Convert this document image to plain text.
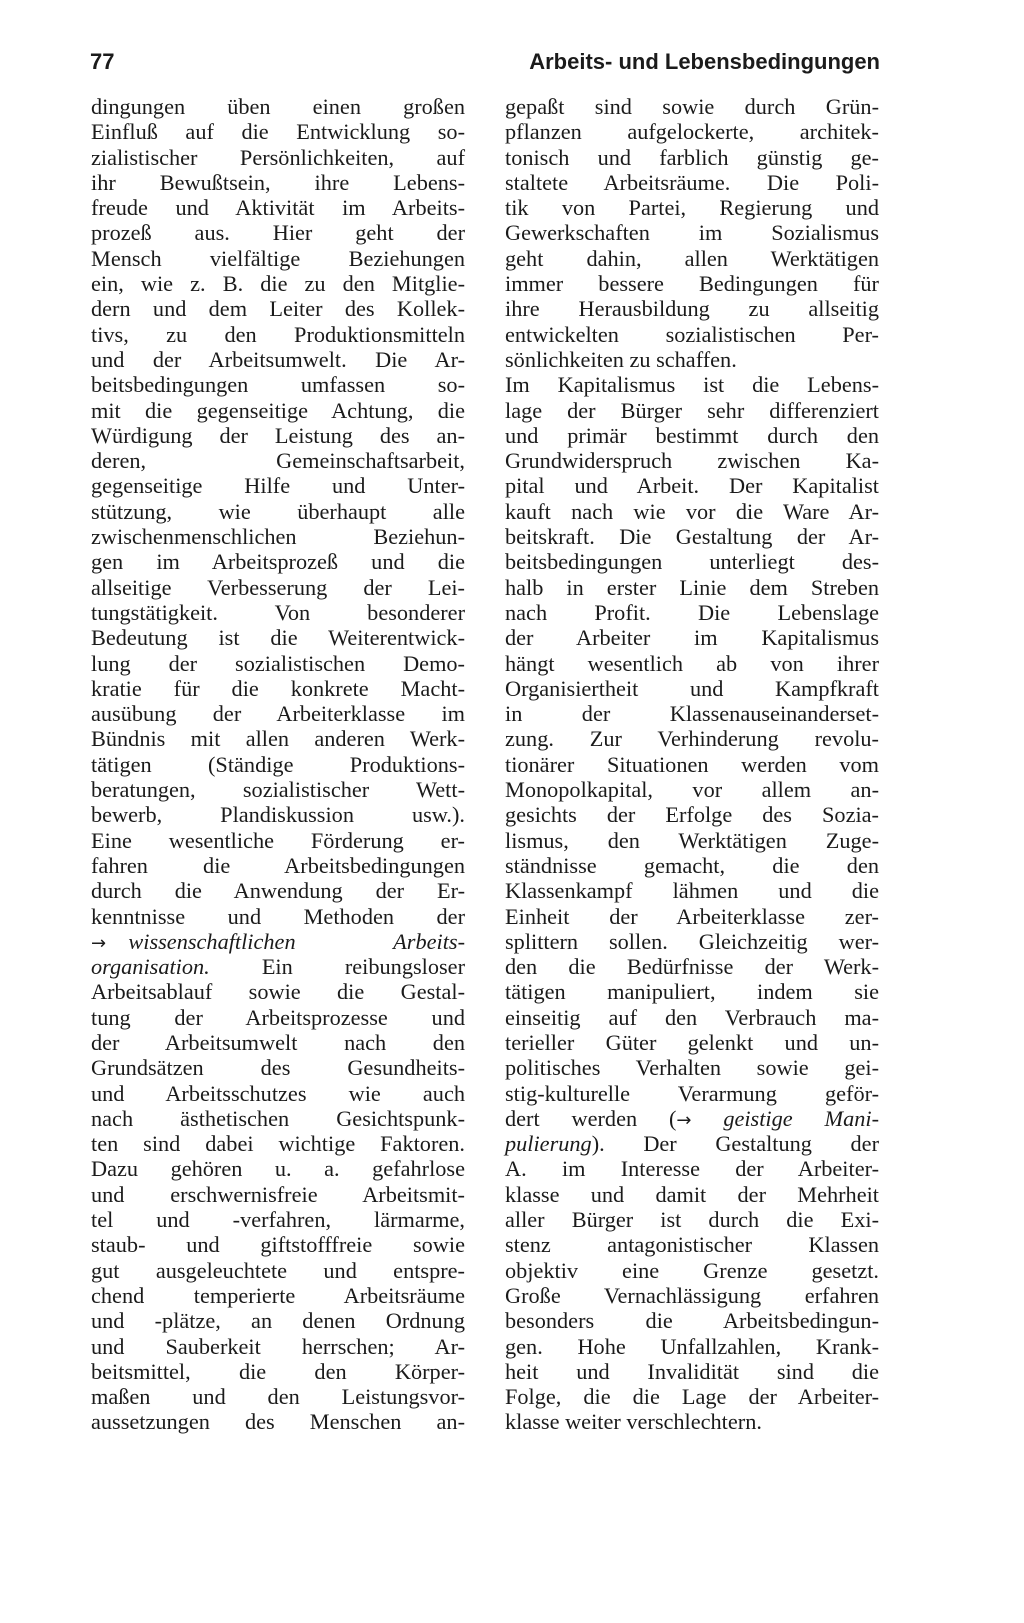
77	Arbeits- und Lebensbedingungen
dingungen üben einen großen
Einfluß auf die Entwicklung so-
zialistischer Persönlichkeiten, auf
ihr Bewußtsein, ihre Lebens-
freude und Aktivität im Arbeits-
prozeß aus. Hier geht der
Mensch vielfältige Beziehungen
ein, wie z. B. die zu den Mitglie-
dern und dem Leiter des Kollek-
tivs, zu den Produktionsmitteln
und der Arbeitsumwelt. Die Ar-
beitsbedingungen umfassen so-
mit die gegenseitige Achtung, die
Würdigung der Leistung des an-
deren, Gemeinschaftsarbeit,
gegenseitige Hilfe und Unter-
stützung, wie überhaupt alle
zwischenmenschlichen Beziehun-
gen im Arbeitsprozeß und die
allseitige Verbesserung der Lei-
tungstätigkeit. Von besonderer
Bedeutung ist die Weiterentwick-
lung der sozialistischen Demo-
kratie für die konkrete Macht-
ausübung der Arbeiterklasse im
Bündnis mit allen anderen Werk-
tätigen (Ständige Produktions-
beratungen, sozialistischer Wett-
bewerb, Plandiskussion usw.).
Eine wesentliche Förderung er-
fahren die Arbeitsbedingungen
durch die Anwendung der Er-
kenntnisse und Methoden der
→  wissenschaftlichen Arbeits-
organisation. Ein reibungsloser
Arbeitsablauf sowie die Gestal-
tung der Arbeitsprozesse und
der Arbeitsumwelt nach den
Grundsätzen des Gesundheits-
und Arbeitsschutzes wie auch
nach ästhetischen Gesichtspunk-
ten sind dabei wichtige Faktoren.
Dazu gehören u. a. gefahrlose
und erschwernisfreie Arbeitsmit-
tel und -verfahren, lärmarme,
staub- und giftstofffreie sowie
gut ausgeleuchtete und entspre-
chend temperierte Arbeitsräume
und -plätze, an denen Ordnung
und Sauberkeit herrschen; Ar-
beitsmittel, die den Körper-
maßen und den Leistungsvor-
aussetzungen des Menschen an-
gepaßt sind sowie durch Grün-
pflanzen aufgelockerte, architek-
tonisch und farblich günstig ge-
staltete Arbeitsräume. Die Poli-
tik von Partei, Regierung und
Gewerkschaften im Sozialismus
geht dahin, allen Werktätigen
immer bessere Bedingungen für
ihre Herausbildung zu allseitig
entwickelten sozialistischen Per-
sönlichkeiten zu schaffen.
Im Kapitalismus ist die Lebens-
lage der Bürger sehr differenziert
und primär bestimmt durch den
Grundwiderspruch zwischen Ka-
pital und Arbeit. Der Kapitalist
kauft nach wie vor die Ware Ar-
beitskraft. Die Gestaltung der Ar-
beitsbedingungen unterliegt des-
halb in erster Linie dem Streben
nach Profit. Die Lebenslage
der Arbeiter im Kapitalismus
hängt wesentlich ab von ihrer
Organisiertheit und Kampfkraft
in der Klassenauseinanderset-
zung. Zur Verhinderung revolu-
tionärer Situationen werden vom
Monopolkapital, vor allem an-
gesichts der Erfolge des Sozia-
lismus, den Werktätigen Zuge-
ständnisse gemacht, die den
Klassenkampf lähmen und die
Einheit der Arbeiterklasse zer-
splittern sollen. Gleichzeitig wer-
den die Bedürfnisse der Werk-
tätigen manipuliert, indem sie
einseitig auf den Verbrauch ma-
terieller Güter gelenkt und un-
politisches Verhalten sowie gei-
stig-kulturelle Verarmung geför-
dert werden (→ geistige Mani-
pulierung). Der Gestaltung der
A. im Interesse der Arbeiter-
klasse und damit der Mehrheit
aller Bürger ist durch die Exi-
stenz antagonistischer Klassen
objektiv eine Grenze gesetzt.
Große Vernachlässigung erfahren
besonders die Arbeitsbedingun-
gen. Hohe Unfallzahlen, Krank-
heit und Invalidität sind die
Folge, die die Lage der Arbeiter-
klasse weiter verschlechtern.
